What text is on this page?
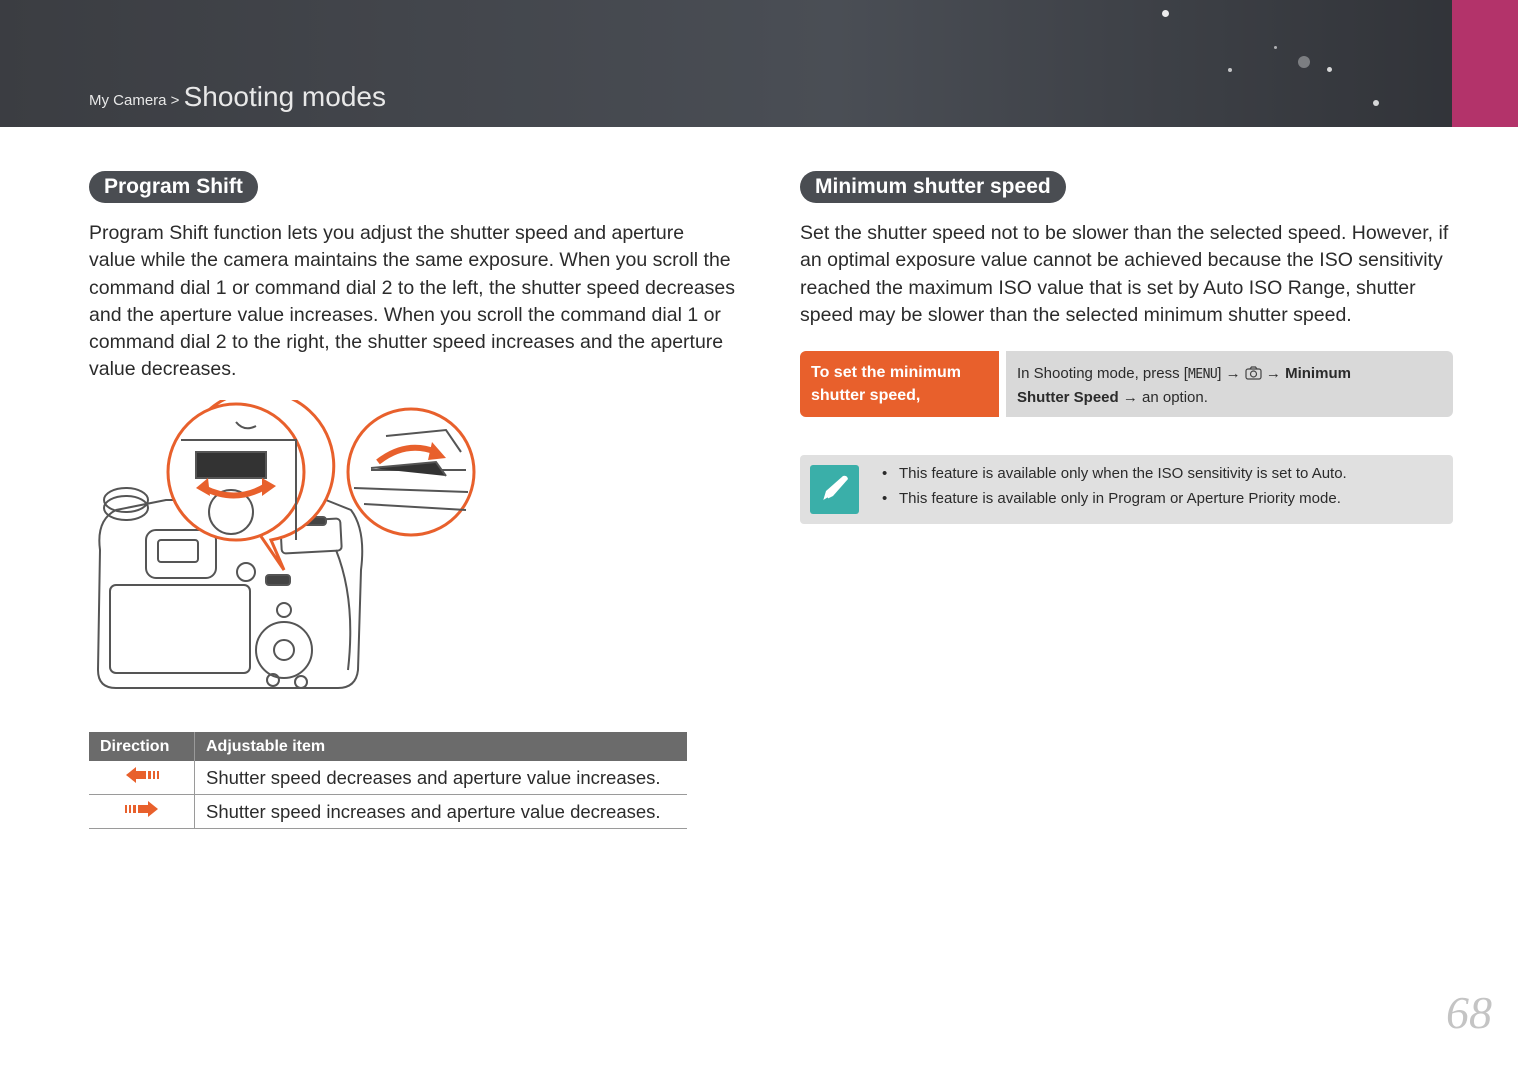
My Camera > Shooting modes
Program Shift
Program Shift function lets you adjust the shutter speed and aperture
value while the camera maintains the same exposure. When you scroll the
command dial 1 or command dial 2 to the left, the shutter speed decreases
and the aperture value increases. When you scroll the command dial 1 or
command dial 2 to the right, the shutter speed increases and the aperture
value decreases.
Direction	Adjustable item
	Shutter speed decreases and aperture value increases.
	Shutter speed increases and aperture value decreases.
Minimum shutter speed
Set the shutter speed not to be slower than the selected speed. However, if
an optimal exposure value cannot be achieved because the ISO sensitivity
reached the maximum ISO value that is set by Auto ISO Range, shutter
speed may be slower than the selected minimum shutter speed.
To set the minimum
shutter speed,
In Shooting mode, press [MENU] →  → Minimum
Shutter Speed → an option.
• This feature is available only when the ISO sensitivity is set to Auto.
• This feature is available only in Program or Aperture Priority mode.
68
